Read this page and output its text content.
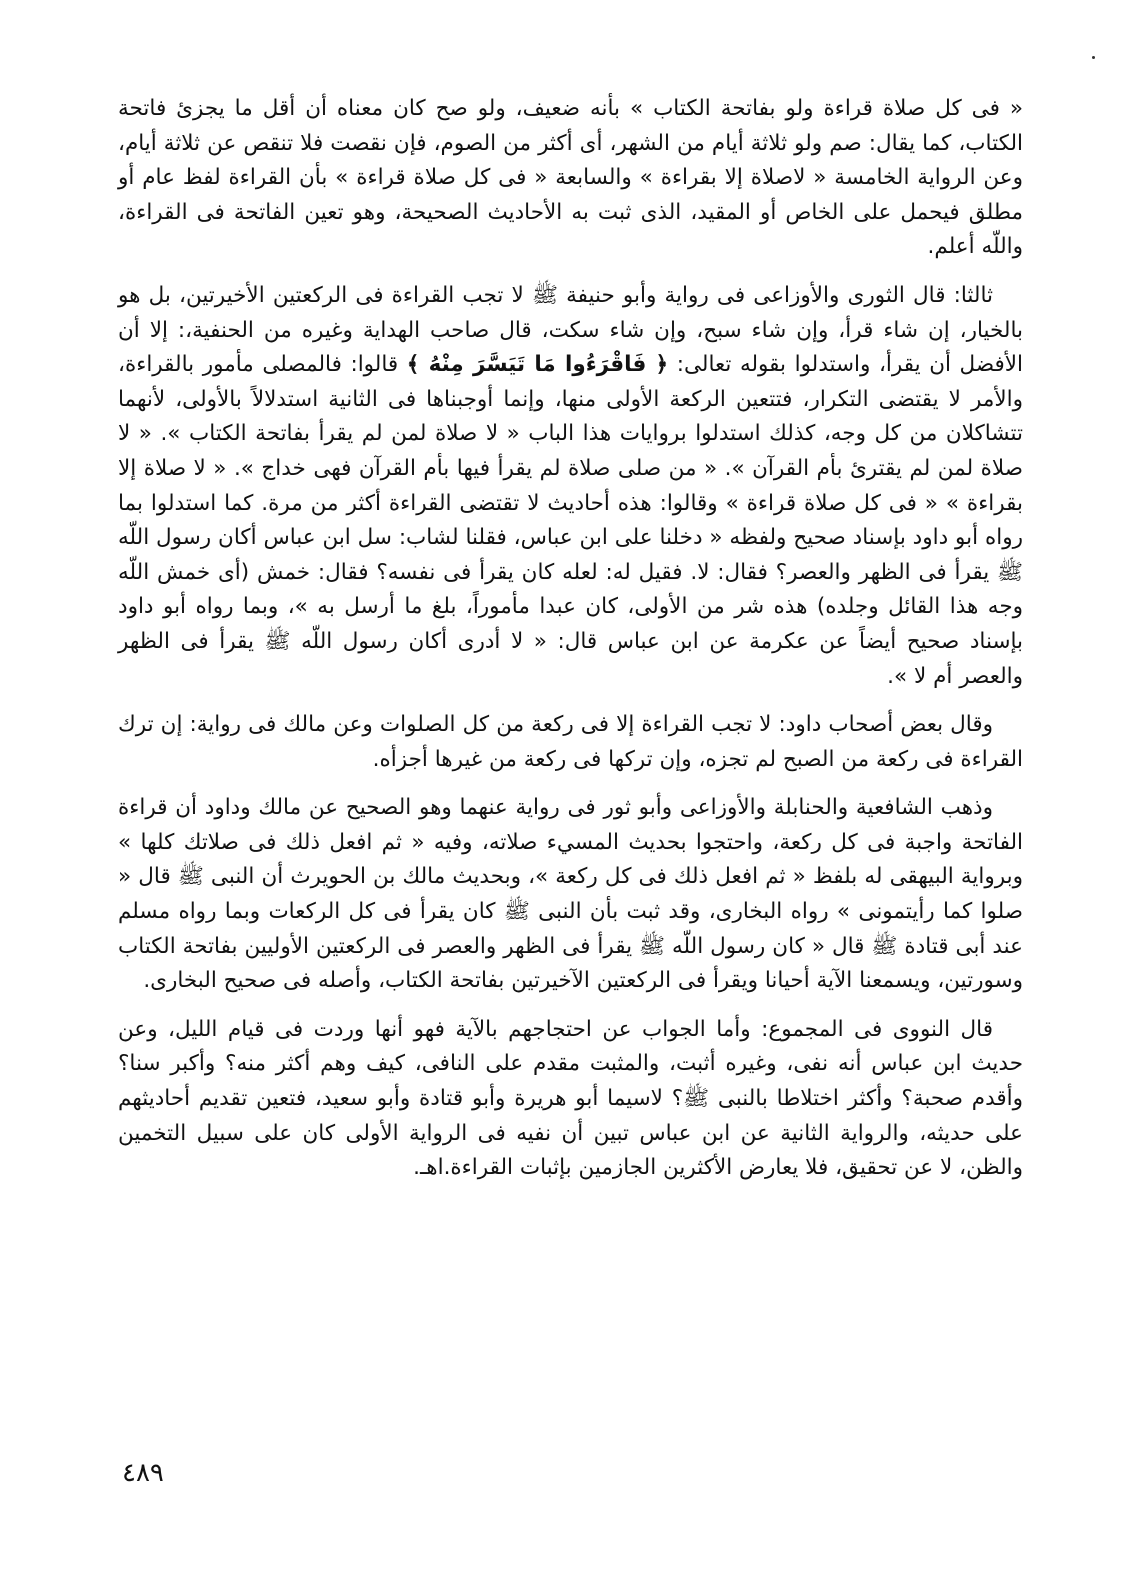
« فى كل صلاة قراءة ولو بفاتحة الكتاب » بأنه ضعيف، ولو صح كان معناه أن أقل ما يجزئ فاتحة الكتاب، كما يقال: صم ولو ثلاثة أيام من الشهر، أى أكثر من الصوم، فإن نقصت فلا تنقص عن ثلاثة أيام، وعن الرواية الخامسة « لاصلاة إلا بقراءة » والسابعة « فى كل صلاة قراءة » بأن القراءة لفظ عام أو مطلق فيحمل على الخاص أو المقيد، الذى ثبت به الأحاديث الصحيحة، وهو تعين الفاتحة فى القراءة، واللّه أعلم.

ثالثا: قال الثورى والأوزاعى فى رواية وأبو حنيفة ﷺ لا تجب القراءة فى الركعتين الأخيرتين، بل هو بالخيار، إن شاء قرأ، وإن شاء سبح، وإن شاء سكت، قال صاحب الهداية وغيره من الحنفية،: إلا أن الأفضل أن يقرأ، واستدلوا بقوله تعالى: ﴿ فَاقْرَءُوا مَا تَيَسَّرَ مِنْهُ ﴾ قالوا: فالمصلى مأمور بالقراءة، والأمر لا يقتضى التكرار، فتتعين الركعة الأولى منها، وإنما أوجبناها فى الثانية استدلالاً بالأولى، لأنهما تتشاكلان من كل وجه، كذلك استدلوا بروايات هذا الباب « لا صلاة لمن لم يقرأ بفاتحة الكتاب ». « لا صلاة لمن لم يقترئ بأم القرآن ». « من صلى صلاة لم يقرأ فيها بأم القرآن فهى خداج ». « لا صلاة إلا بقراءة » « فى كل صلاة قراءة » وقالوا: هذه أحاديث لا تقتضى القراءة أكثر من مرة. كما استدلوا بما رواه أبو داود بإسناد صحيح ولفظه « دخلنا على ابن عباس، فقلنا لشاب: سل ابن عباس أكان رسول اللّه ﷺ يقرأ فى الظهر والعصر؟ فقال: لا. فقيل له: لعله كان يقرأ فى نفسه؟ فقال: خمش (أى خمش اللّه وجه هذا القائل وجلده) هذه شر من الأولى، كان عبدا مأموراً، بلغ ما أرسل به »، وبما رواه أبو داود بإسناد صحيح أيضاً عن عكرمة عن ابن عباس قال: « لا أدرى أكان رسول اللّه ﷺ يقرأ فى الظهر والعصر أم لا ».

وقال بعض أصحاب داود: لا تجب القراءة إلا فى ركعة من كل الصلوات وعن مالك فى رواية: إن ترك القراءة فى ركعة من الصبح لم تجزه، وإن تركها فى ركعة من غيرها أجزأه.

وذهب الشافعية والحنابلة والأوزاعى وأبو ثور فى رواية عنهما وهو الصحيح عن مالك وداود أن قراءة الفاتحة واجبة فى كل ركعة، واحتجوا بحديث المسيء صلاته، وفيه « ثم افعل ذلك فى صلاتك كلها » وبرواية البيهقى له بلفظ « ثم افعل ذلك فى كل ركعة »، وبحديث مالك بن الحويرث أن النبى ﷺ قال « صلوا كما رأيتمونى » رواه البخارى، وقد ثبت بأن النبى ﷺ كان يقرأ فى كل الركعات وبما رواه مسلم عند أبى قتادة ﷺ قال « كان رسول اللّه ﷺ يقرأ فى الظهر والعصر فى الركعتين الأوليين بفاتحة الكتاب وسورتين، ويسمعنا الآية أحيانا ويقرأ فى الركعتين الآخيرتين بفاتحة الكتاب، وأصله فى صحيح البخارى.

قال النووى فى المجموع: وأما الجواب عن احتجاجهم بالآية فهو أنها وردت فى قيام الليل، وعن حديث ابن عباس أنه نفى، وغيره أثبت، والمثبت مقدم على النافى، كيف وهم أكثر منه؟ وأكبر سنا؟ وأقدم صحبة؟ وأكثر اختلاطا بالنبى ﷺ؟ لاسيما أبو هريرة وأبو قتادة وأبو سعيد، فتعين تقديم أحاديثهم على حديثه، والرواية الثانية عن ابن عباس تبين أن نفيه فى الرواية الأولى كان على سبيل التخمين والظن، لا عن تحقيق، فلا يعارض الأكثرين الجازمين بإثبات القراءة.اهـ.

٤٨٩
